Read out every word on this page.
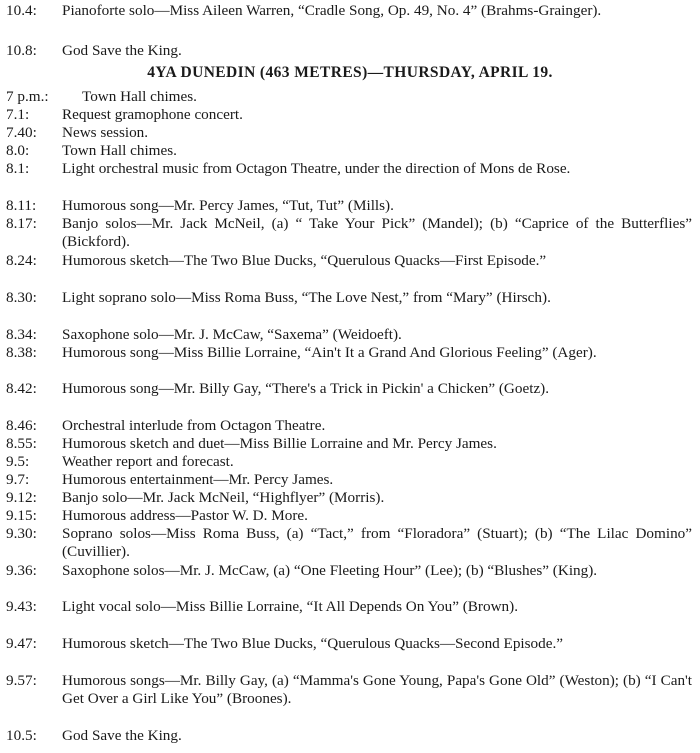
10.4: Pianoforte solo—Miss Aileen Warren, “Cradle Song, Op. 49, No. 4” (Brahms-Grainger).
10.8: God Save the King.
4YA DUNEDIN (463 METRES)—THURSDAY, APRIL 19.
7 p.m.: Town Hall chimes.
7.1: Request gramophone concert.
7.40: News session.
8.0: Town Hall chimes.
8.1: Light orchestral music from Octagon Theatre, under the direction of Mons de Rose.
8.11: Humorous song—Mr. Percy James, “Tut, Tut” (Mills).
8.17: Banjo solos—Mr. Jack McNeil, (a) “ Take Your Pick” (Mandel); (b) “Caprice of the Butterflies” (Bickford).
8.24: Humorous sketch—The Two Blue Ducks, “Querulous Quacks—First Episode.”
8.30: Light soprano solo—Miss Roma Buss, “The Love Nest,” from “Mary” (Hirsch).
8.34: Saxophone solo—Mr. J. McCaw, “Saxema” (Weidoeft).
8.38: Humorous song—Miss Billie Lorraine, “Ain't It a Grand And Glorious Feeling” (Ager).
8.42: Humorous song—Mr. Billy Gay, “There's a Trick in Pickin' a Chicken” (Goetz).
8.46: Orchestral interlude from Octagon Theatre.
8.55: Humorous sketch and duet—Miss Billie Lorraine and Mr. Percy James.
9.5: Weather report and forecast.
9.7: Humorous entertainment—Mr. Percy James.
9.12: Banjo solo—Mr. Jack McNeil, “Highflyer” (Morris).
9.15: Humorous address—Pastor W. D. More.
9.30: Soprano solos—Miss Roma Buss, (a) “Tact,” from “Floradora” (Stuart); (b) “The Lilac Domino” (Cuvillier).
9.36: Saxophone solos—Mr. J. McCaw, (a) “One Fleeting Hour” (Lee); (b) “Blushes” (King).
9.43: Light vocal solo—Miss Billie Lorraine, “It All Depends On You” (Brown).
9.47: Humorous sketch—The Two Blue Ducks, “Querulous Quacks—Second Episode.”
9.57: Humorous songs—Mr. Billy Gay, (a) “Mamma's Gone Young, Papa's Gone Old” (Weston); (b) “I Can't Get Over a Girl Like You” (Broones).
10.5: God Save the King.
